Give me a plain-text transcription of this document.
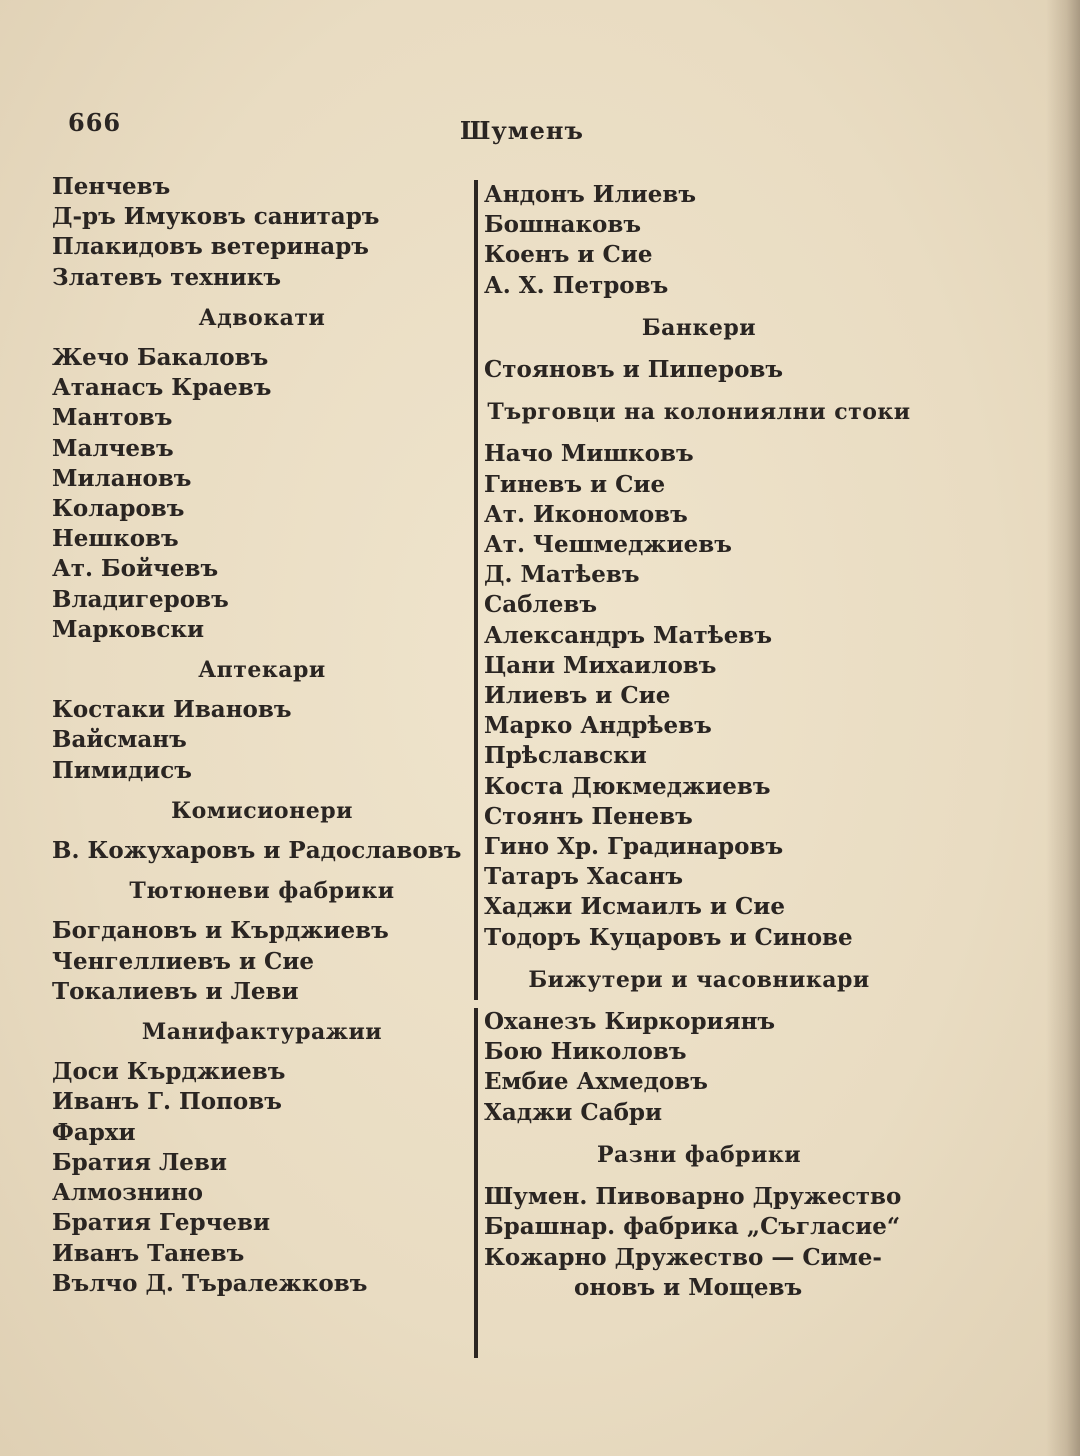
666	Шуменъ
Пенчевъ
Д-ръ Имуковъ санитаръ
Плакидовъ ветеринаръ
Златевъ техникъ
Адвокати
Жечо Бакаловъ
Атанасъ Краевъ
Мантовъ
Малчевъ
Милановъ
Коларовъ
Нешковъ
Ат. Бойчевъ
Владигеровъ
Марковски
Аптекари
Костаки Ивановъ
Вайсманъ
Пимидисъ
Комисионери
В. Кожухаровъ и Радославовъ
Тютюневи фабрики
Богдановъ и Кърджиевъ
Ченгеллиевъ и Сие
Токалиевъ и Леви
Манифактуражии
Доси Кърджиевъ
Иванъ Г. Поповъ
Фархи
Братия Леви
Алмознино
Братия Герчеви
Иванъ Таневъ
Вълчо Д. Търалежковъ
Андонъ Илиевъ
Бошнаковъ
Коенъ и Сие
А. Х. Петровъ
Банкери
Стояновъ и Пиперовъ
Търговци на колониялни стоки
Начо Мишковъ
Гиневъ и Сие
Ат. Икономовъ
Ат. Чешмеджиевъ
Д. Матѣевъ
Саблевъ
Александръ Матѣевъ
Цани Михаиловъ
Илиевъ и Сие
Марко Андрѣевъ
Прѣславски
Коста Дюкмеджиевъ
Стоянъ Пеневъ
Гино Хр. Градинаровъ
Татаръ Хасанъ
Хаджи Исмаилъ и Сие
Тодоръ Куцаровъ и Синове
Бижутери и часовникари
Оханезъ Киркориянъ
Бою Николовъ
Eмбие Ахмедовъ
Хаджи Сабри
Разни фабрики
Шумен. Пивоварно Дружество
Брашнар. фабрика „Съгласие“
Кожарно Дружество — Симе-
оновъ и Мощевъ
